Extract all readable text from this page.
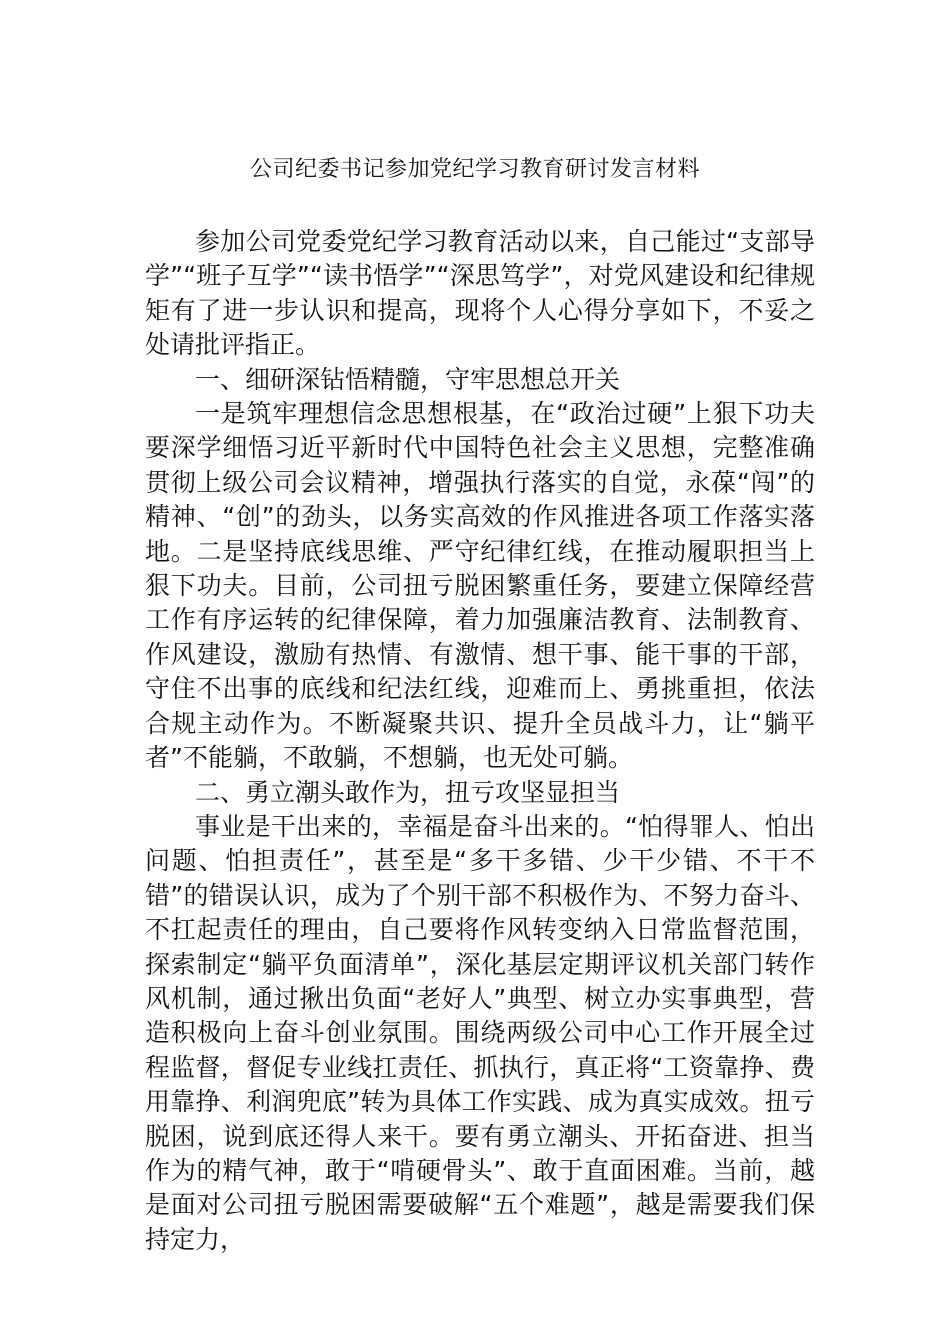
公司纪委书记参加党纪学习教育研讨发言材料

参加公司党委党纪学习教育活动以来，自己能过“支部导学”“班子互学”“读书悟学”“深思笃学”，对党风建设和纪律规矩有了进一步认识和提高，现将个人心得分享如下，不妥之处请批评指正。

一、细研深钻悟精髓，守牢思想总开关

一是筑牢理想信念思想根基，在“政治过硬”上狠下功夫要深学细悟习近平新时代中国特色社会主义思想，完整准确贯彻上级公司会议精神，增强执行落实的自觉，永葆“闯”的精神、“创”的劲头，以务实高效的作风推进各项工作落实落地。二是坚持底线思维、严守纪律红线，在推动履职担当上狠下功夫。目前，公司扭亏脱困繁重任务，要建立保障经营工作有序运转的纪律保障，着力加强廉洁教育、法制教育、作风建设，激励有热情、有激情、想干事、能干事的干部，守住不出事的底线和纪法红线，迎难而上、勇挑重担，依法合规主动作为。不断凝聚共识、提升全员战斗力，让“躺平者”不能躺，不敢躺，不想躺，也无处可躺。

二、勇立潮头敢作为，扭亏攻坚显担当

事业是干出来的，幸福是奋斗出来的。“怕得罪人、怕出问题、怕担责任”，甚至是“多干多错、少干少错、不干不错”的错误认识，成为了个别干部不积极作为、不努力奋斗、不扛起责任的理由，自己要将作风转变纳入日常监督范围，探索制定“躺平负面清单”，深化基层定期评议机关部门转作风机制，通过揪出负面“老好人”典型、树立办实事典型，营造积极向上奋斗创业氛围。围绕两级公司中心工作开展全过程监督，督促专业线扛责任、抓执行，真正将“工资靠挣、费用靠挣、利润兜底”转为具体工作实践、成为真实成效。扭亏脱困，说到底还得人来干。要有勇立潮头、开拓奋进、担当作为的精气神，敢于“啃硬骨头”、敢于直面困难。当前，越是面对公司扭亏脱困需要破解“五个难题”，越是需要我们保持定力，
